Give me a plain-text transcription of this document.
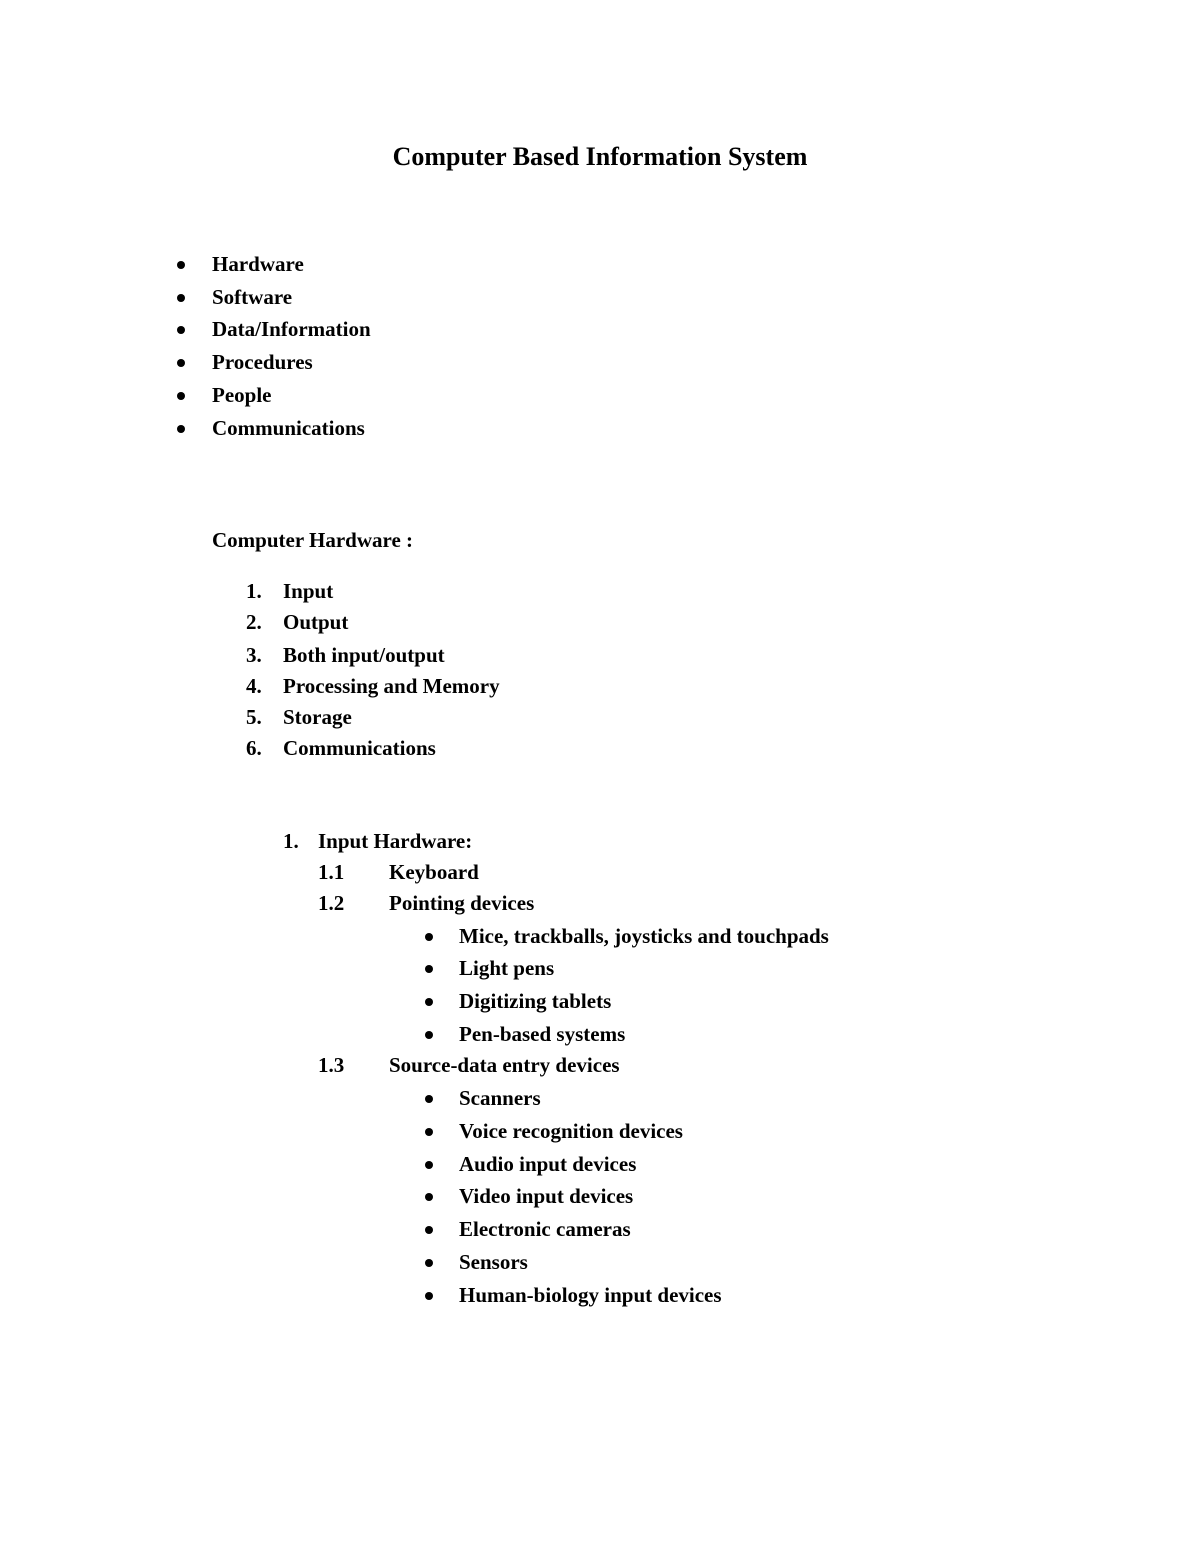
Computer Based Information System
Hardware
Software
Data/Information
Procedures
People
Communications
Computer Hardware :
1. Input
2. Output
3. Both input/output
4. Processing and Memory
5. Storage
6. Communications
1. Input Hardware:
1.1 Keyboard
1.2 Pointing devices
Mice, trackballs, joysticks and touchpads
Light pens
Digitizing tablets
Pen-based systems
1.3 Source-data entry devices
Scanners
Voice recognition devices
Audio input devices
Video input devices
Electronic cameras
Sensors
Human-biology input devices
